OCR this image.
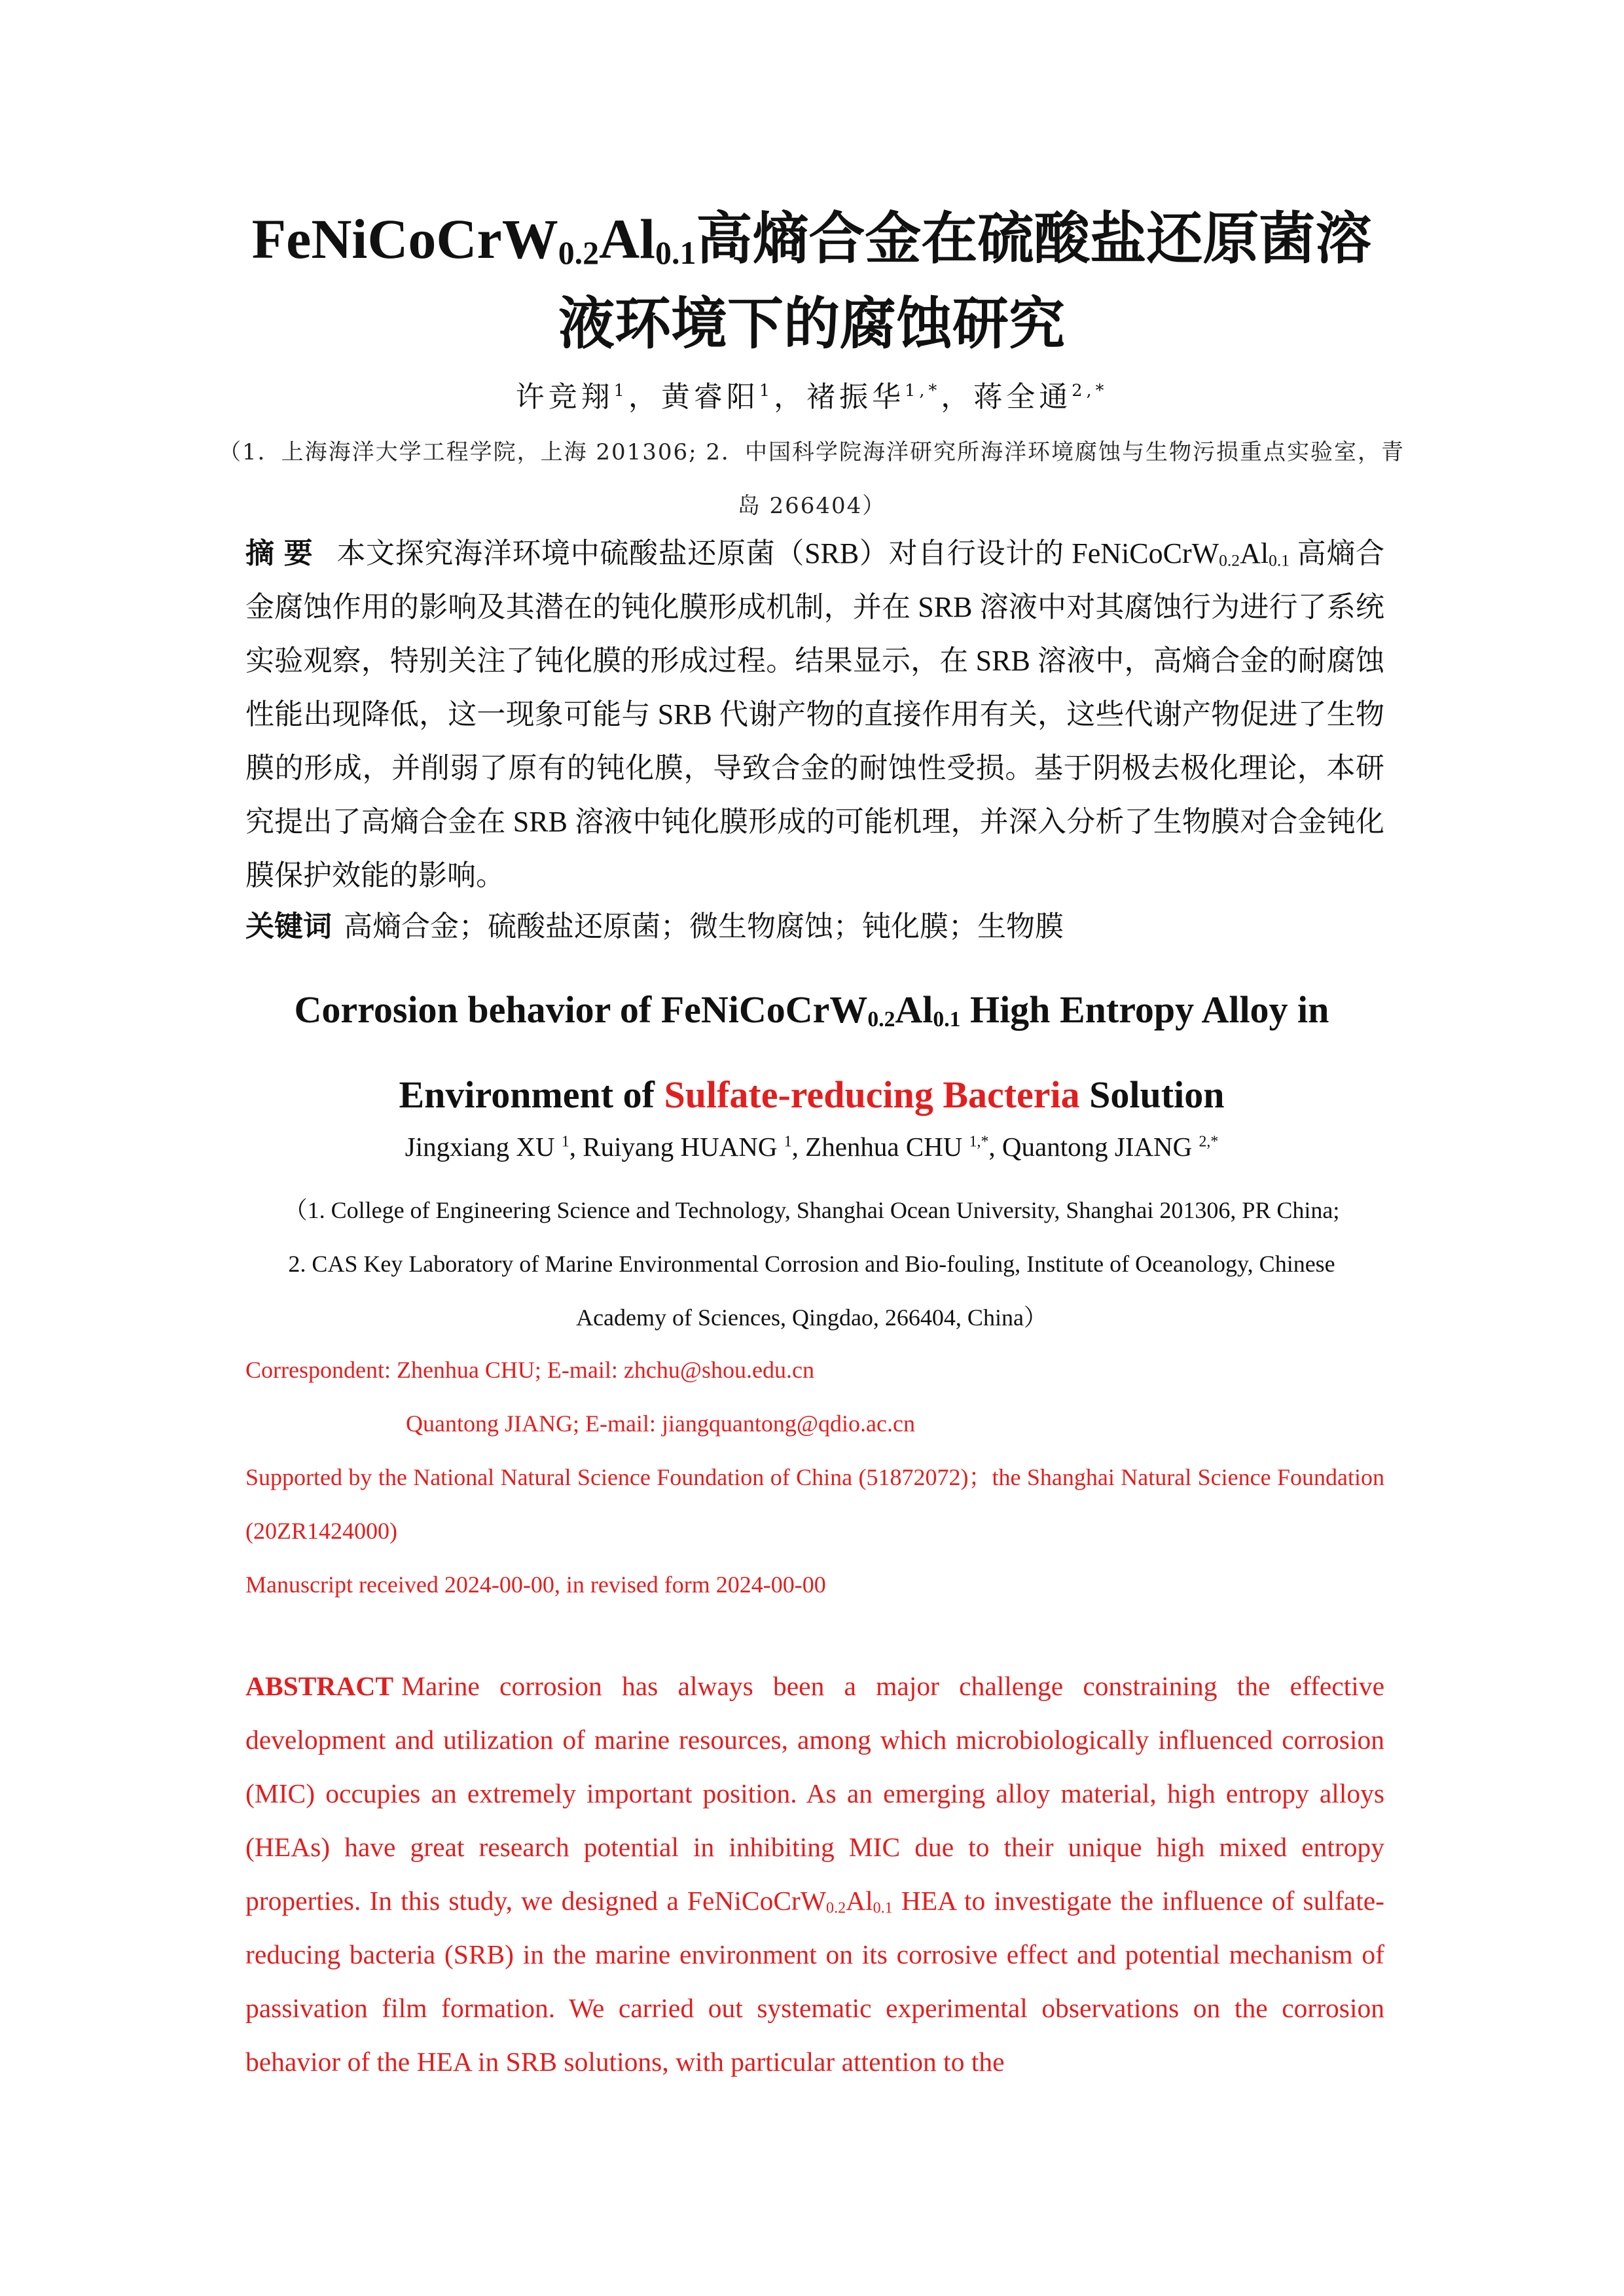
$FeNiCoCrW_{0.2}Al_{0.1}$高熵合金在硫酸盐还原菌溶
液环境下的腐蚀研究
许竞翔$^1$，黄睿阳$^1$，褚振华$^{1,*}$，蒋全通$^{2,*}$
（1．上海海洋大学工程学院，上海 201306; 2．中国科学院海洋研究所海洋环境腐蚀与生物污损重点实验室，青岛 266404）
摘要 本文探究海洋环境中硫酸盐还原菌（SRB）对自行设计的 $FeNiCoCrW_{0.2}Al_{0.1}$ 高熵合金腐蚀作用的影响及其潜在的钝化膜形成机制，并在 SRB 溶液中对其腐蚀行为进行了系统实验观察，特别关注了钝化膜的形成过程。结果显示，在 SRB 溶液中，高熵合金的耐腐蚀性能出现降低，这一现象可能与 SRB 代谢产物的直接作用有关，这些代谢产物促进了生物膜的形成，并削弱了原有的钝化膜，导致合金的耐蚀性受损。基于阴极去极化理论，本研究提出了高熵合金在 SRB 溶液中钝化膜形成的可能机理，并深入分析了生物膜对合金钝化膜保护效能的影响。
关键词 高熵合金；硫酸盐还原菌；微生物腐蚀；钝化膜；生物膜
Corrosion behavior of $FeNiCoCrW_{0.2}Al_{0.1}$ High Entropy Alloy in
Environment of Sulfate-reducing Bacteria Solution
Jingxiang XU $^1$, Ruiyang HUANG $^1$, Zhenhua CHU $^{1,*}$, Quantong JIANG $^{2,*}$
（1. College of Engineering Science and Technology, Shanghai Ocean University, Shanghai 201306, PR China;
2. CAS Key Laboratory of Marine Environmental Corrosion and Bio-fouling, Institute of Oceanology, Chinese
Academy of Sciences, Qingdao, 266404, China）
Correspondent: Zhenhua CHU; E-mail: zhchu@shou.edu.cn
Quantong JIANG; E-mail: jiangquantong@qdio.ac.cn
Supported by the National Natural Science Foundation of China (51872072)；the Shanghai Natural Science Foundation (20ZR1424000)
Manuscript received 2024-00-00, in revised form 2024-00-00
ABSTRACT Marine corrosion has always been a major challenge constraining the effective development and utilization of marine resources, among which microbiologically influenced corrosion (MIC) occupies an extremely important position. As an emerging alloy material, high entropy alloys (HEAs) have great research potential in inhibiting MIC due to their unique high mixed entropy properties. In this study, we designed a $FeNiCoCrW_{0.2}Al_{0.1}$ HEA to investigate the influence of sulfate-reducing bacteria (SRB) in the marine environment on its corrosive effect and potential mechanism of passivation film formation. We carried out systematic experimental observations on the corrosion behavior of the HEA in SRB solutions, with particular attention to the
